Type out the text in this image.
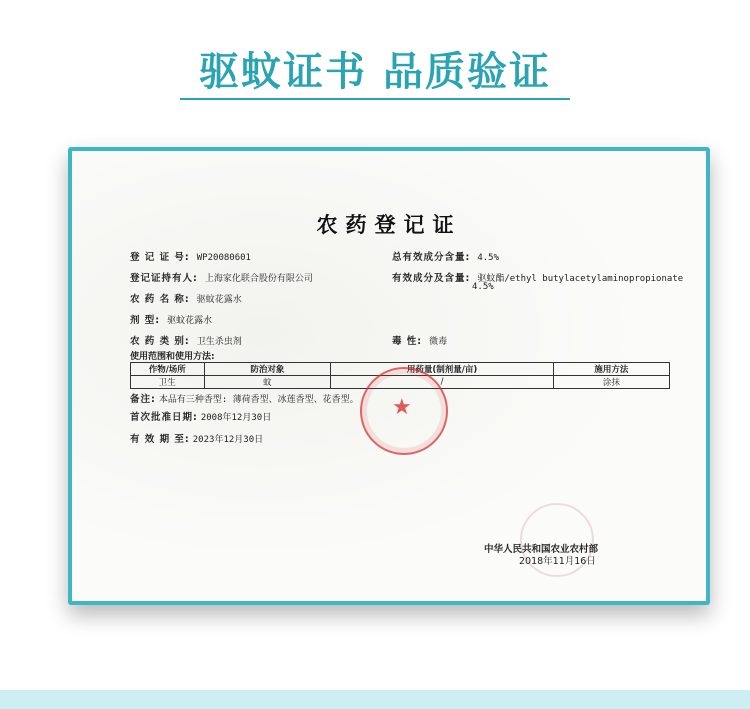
驱蚊证书 品质验证
农药登记证
登 记 证 号: WP20080601
登记证持有人: 上海家化联合股份有限公司
农 药 名 称: 驱蚊花露水
剂 型: 驱蚊花露水
农 药 类 别: 卫生杀虫剂
总有效成分含量: 4.5%
有效成分及含量: 驱蚊酯/ethyl butylacetylaminopropionate
4.5%
毒 性: 微毒
使用范围和使用方法:
作物/场所	防治对象	用药量(制剂量/亩)	施用方法
卫生	蚊	/	涂抹
备注: 本品有三种香型: 薄荷香型、冰莲香型、花香型。
首次批准日期: 2008年12月30日
有 效 期 至: 2023年12月30日
★
中华人民共和国农业农村部
2018年11月16日
